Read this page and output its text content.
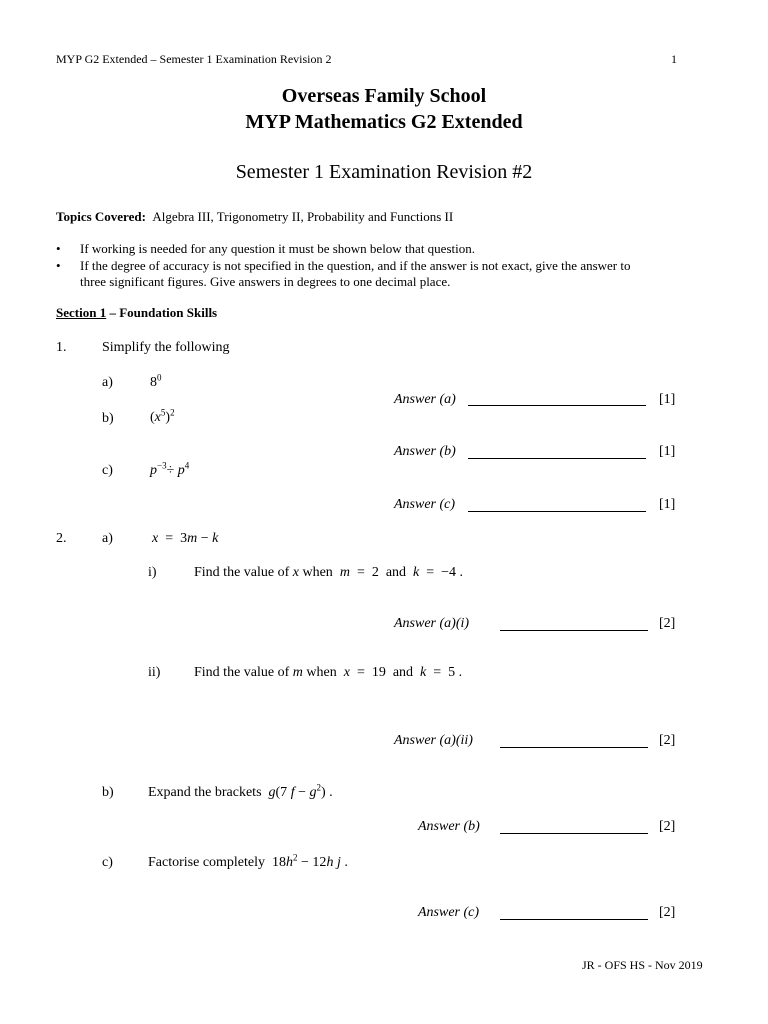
MYP G2 Extended – Semester 1 Examination Revision 2	1
Overseas Family School
MYP Mathematics G2 Extended
Semester 1 Examination Revision #2
Topics Covered: Algebra III, Trigonometry II, Probability and Functions II
• If working is needed for any question it must be shown below that question.
• If the degree of accuracy is not specified in the question, and if the answer is not exact, give the answer to
three significant figures. Give answers in degrees to one decimal place.
Section 1 – Foundation Skills
1.	Simplify the following
a)	$8^0$
Answer (a)	[1]
b)	$(x^5)^2$
Answer (b)	[1]
c)	$p^{-3}\div p^4$
Answer (c)	[1]
2.	a)	x  =  3m − k
i)	Find the value of x when  m  =  2  and  k  =  −4 .
Answer (a)(i)	[2]
ii) Find the value of m when  x  =  19  and  k  =  5 .
Answer (a)(ii)	[2]
b) Expand the brackets g(7 $f - g^2$) .
Answer (b)	[2]
c)	Factorise completely  $18h^2 - 12h$ j .
Answer (c)	[2]
JR - OFS HS - Nov 2019
